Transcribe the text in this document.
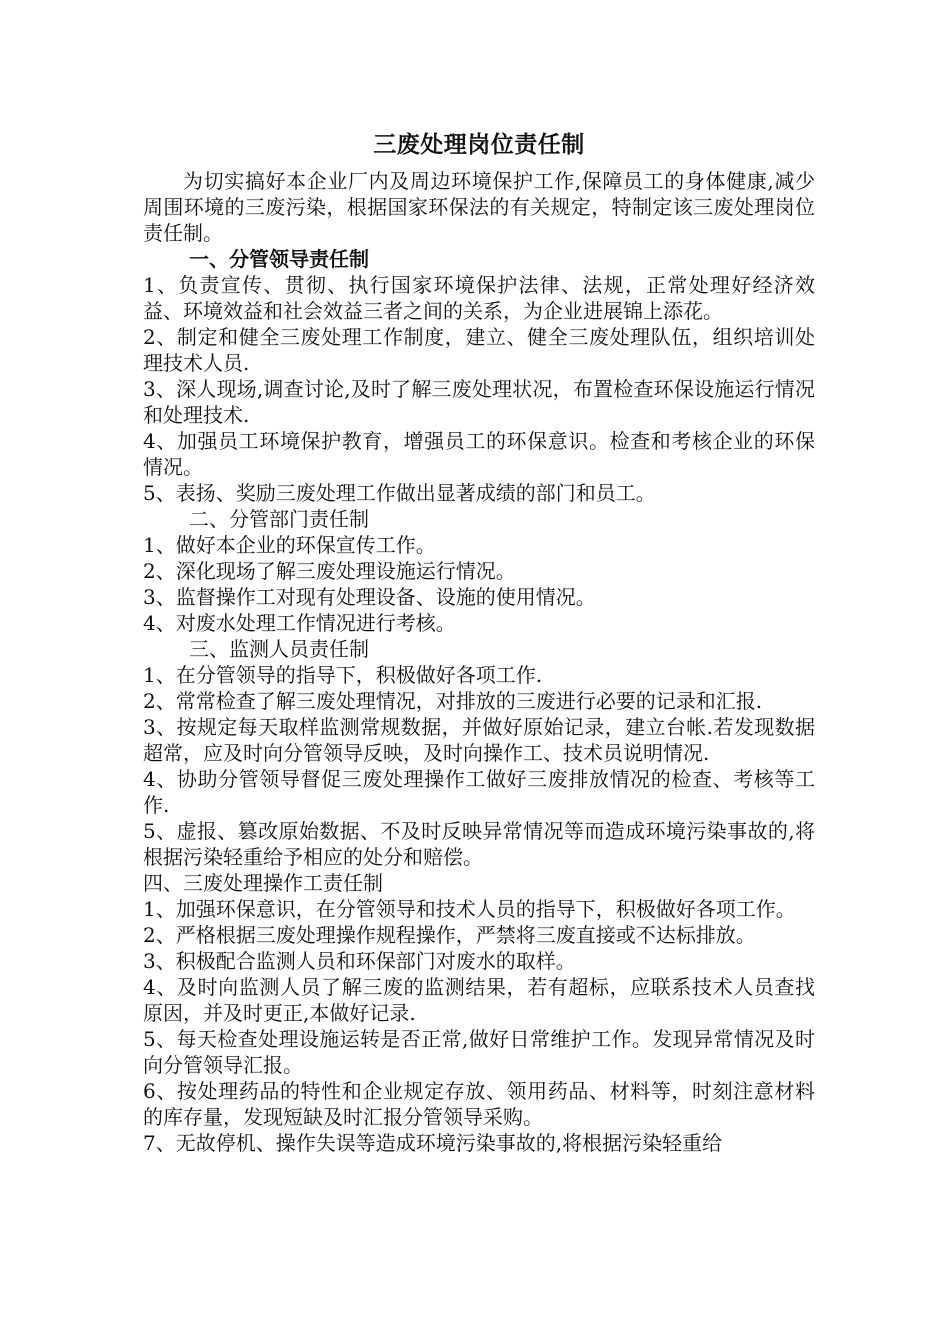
三废处理岗位责任制

为切实搞好本企业厂内及周边环境保护工作,保障员工的身体健康,减少周围环境的三废污染，根据国家环保法的有关规定，特制定该三废处理岗位责任制。

一、分管领导责任制

1、负责宣传、贯彻、执行国家环境保护法律、法规，正常处理好经济效益、环境效益和社会效益三者之间的关系，为企业进展锦上添花。
2、制定和健全三废处理工作制度，建立、健全三废处理队伍，组织培训处理技术人员.
3、深人现场,调查讨论,及时了解三废处理状况，布置检查环保设施运行情况和处理技术.
4、加强员工环境保护教育，增强员工的环保意识。检查和考核企业的环保情况。
5、表扬、奖励三废处理工作做出显著成绩的部门和员工。

二、分管部门责任制

1、做好本企业的环保宣传工作。
2、深化现场了解三废处理设施运行情况。
3、监督操作工对现有处理设备、设施的使用情况。
4、对废水处理工作情况进行考核。

三、监测人员责任制

1、在分管领导的指导下，积极做好各项工作.
2、常常检查了解三废处理情况，对排放的三废进行必要的记录和汇报.
3、按规定每天取样监测常规数据，并做好原始记录，建立台帐.若发现数据超常，应及时向分管领导反映，及时向操作工、技术员说明情况.
4、协助分管领导督促三废处理操作工做好三废排放情况的检查、考核等工作.
5、虚报、篡改原始数据、不及时反映异常情况等而造成环境污染事故的,将根据污染轻重给予相应的处分和赔偿。

四、三废处理操作工责任制

1、加强环保意识，在分管领导和技术人员的指导下，积极做好各项工作。
2、严格根据三废处理操作规程操作，严禁将三废直接或不达标排放。
3、积极配合监测人员和环保部门对废水的取样。
4、及时向监测人员了解三废的监测结果，若有超标，应联系技术人员查找原因，并及时更正,本做好记录.
5、每天检查处理设施运转是否正常,做好日常维护工作。发现异常情况及时向分管领导汇报。
6、按处理药品的特性和企业规定存放、领用药品、材料等，时刻注意材料的库存量，发现短缺及时汇报分管领导采购。
7、无故停机、操作失误等造成环境污染事故的,将根据污染轻重给
